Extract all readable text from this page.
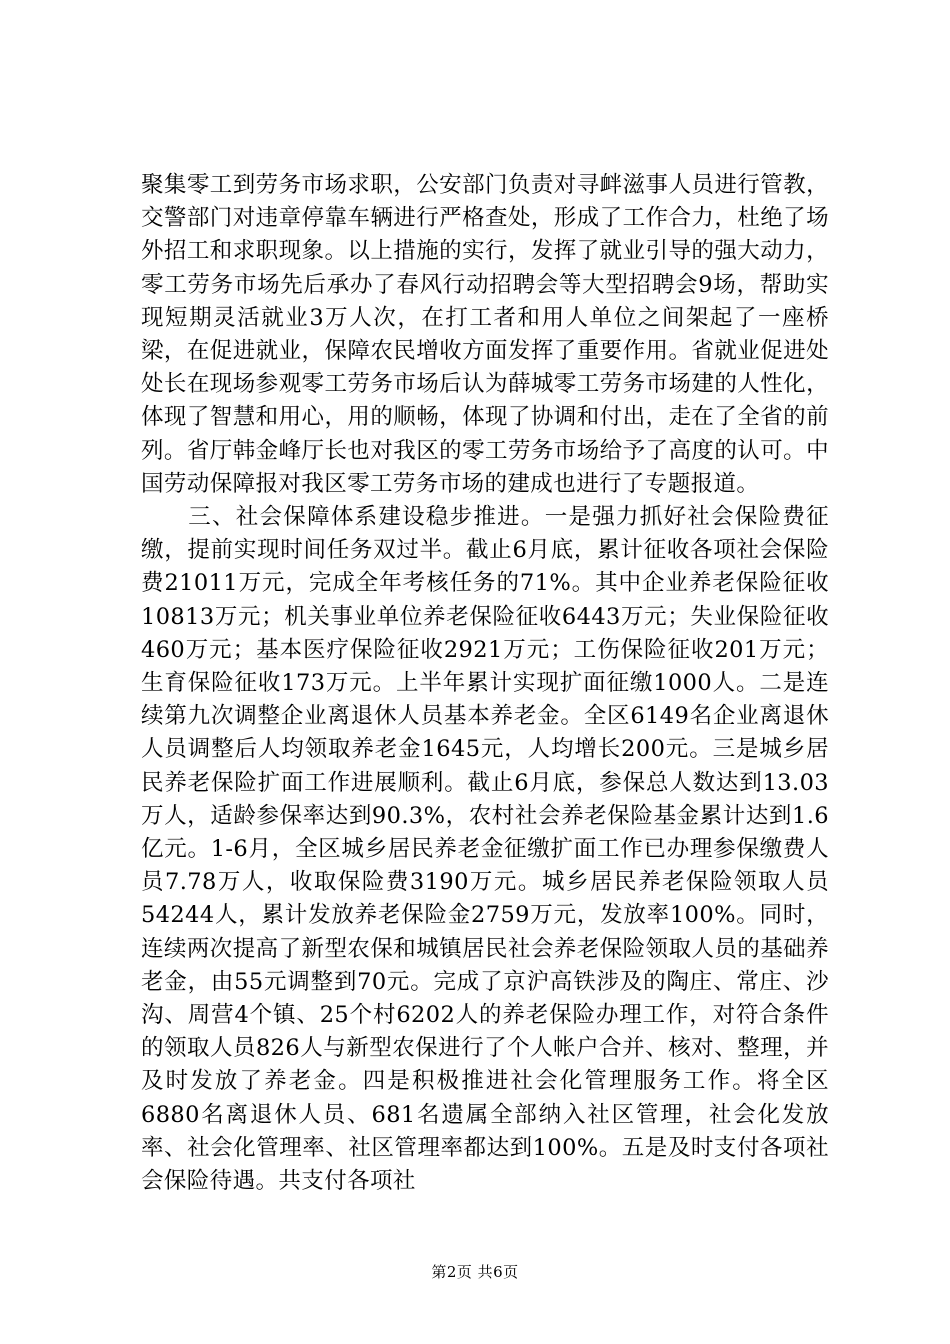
聚集零工到劳务市场求职，公安部门负责对寻衅滋事人员进行管教，交警部门对违章停靠车辆进行严格查处，形成了工作合力，杜绝了场外招工和求职现象。以上措施的实行，发挥了就业引导的强大动力，零工劳务市场先后承办了春风行动招聘会等大型招聘会9场，帮助实现短期灵活就业3万人次，在打工者和用人单位之间架起了一座桥梁，在促进就业，保障农民增收方面发挥了重要作用。省就业促进处处长在现场参观零工劳务市场后认为薛城零工劳务市场建的人性化，体现了智慧和用心，用的顺畅，体现了协调和付出，走在了全省的前列。省厅韩金峰厅长也对我区的零工劳务市场给予了高度的认可。中国劳动保障报对我区零工劳务市场的建成也进行了专题报道。

三、社会保障体系建设稳步推进。一是强力抓好社会保险费征缴，提前实现时间任务双过半。截止6月底，累计征收各项社会保险费21011万元，完成全年考核任务的71%。其中企业养老保险征收10813万元；机关事业单位养老保险征收6443万元；失业保险征收460万元；基本医疗保险征收2921万元；工伤保险征收201万元；生育保险征收173万元。上半年累计实现扩面征缴1000人。二是连续第九次调整企业离退休人员基本养老金。全区6149名企业离退休人员调整后人均领取养老金1645元，人均增长200元。三是城乡居民养老保险扩面工作进展顺利。截止6月底，参保总人数达到13.03万人，适龄参保率达到90.3%，农村社会养老保险基金累计达到1.6亿元。1-6月，全区城乡居民养老金征缴扩面工作已办理参保缴费人员7.78万人，收取保险费3190万元。城乡居民养老保险领取人员54244人，累计发放养老保险金2759万元，发放率100%。同时，连续两次提高了新型农保和城镇居民社会养老保险领取人员的基础养老金，由55元调整到70元。完成了京沪高铁涉及的陶庄、常庄、沙沟、周营4个镇、25个村6202人的养老保险办理工作，对符合条件的领取人员826人与新型农保进行了个人帐户合并、核对、整理，并及时发放了养老金。四是积极推进社会化管理服务工作。将全区6880名离退休人员、681名遗属全部纳入社区管理，社会化发放率、社会化管理率、社区管理率都达到100%。五是及时支付各项社会保险待遇。共支付各项社

第2页 共6页
